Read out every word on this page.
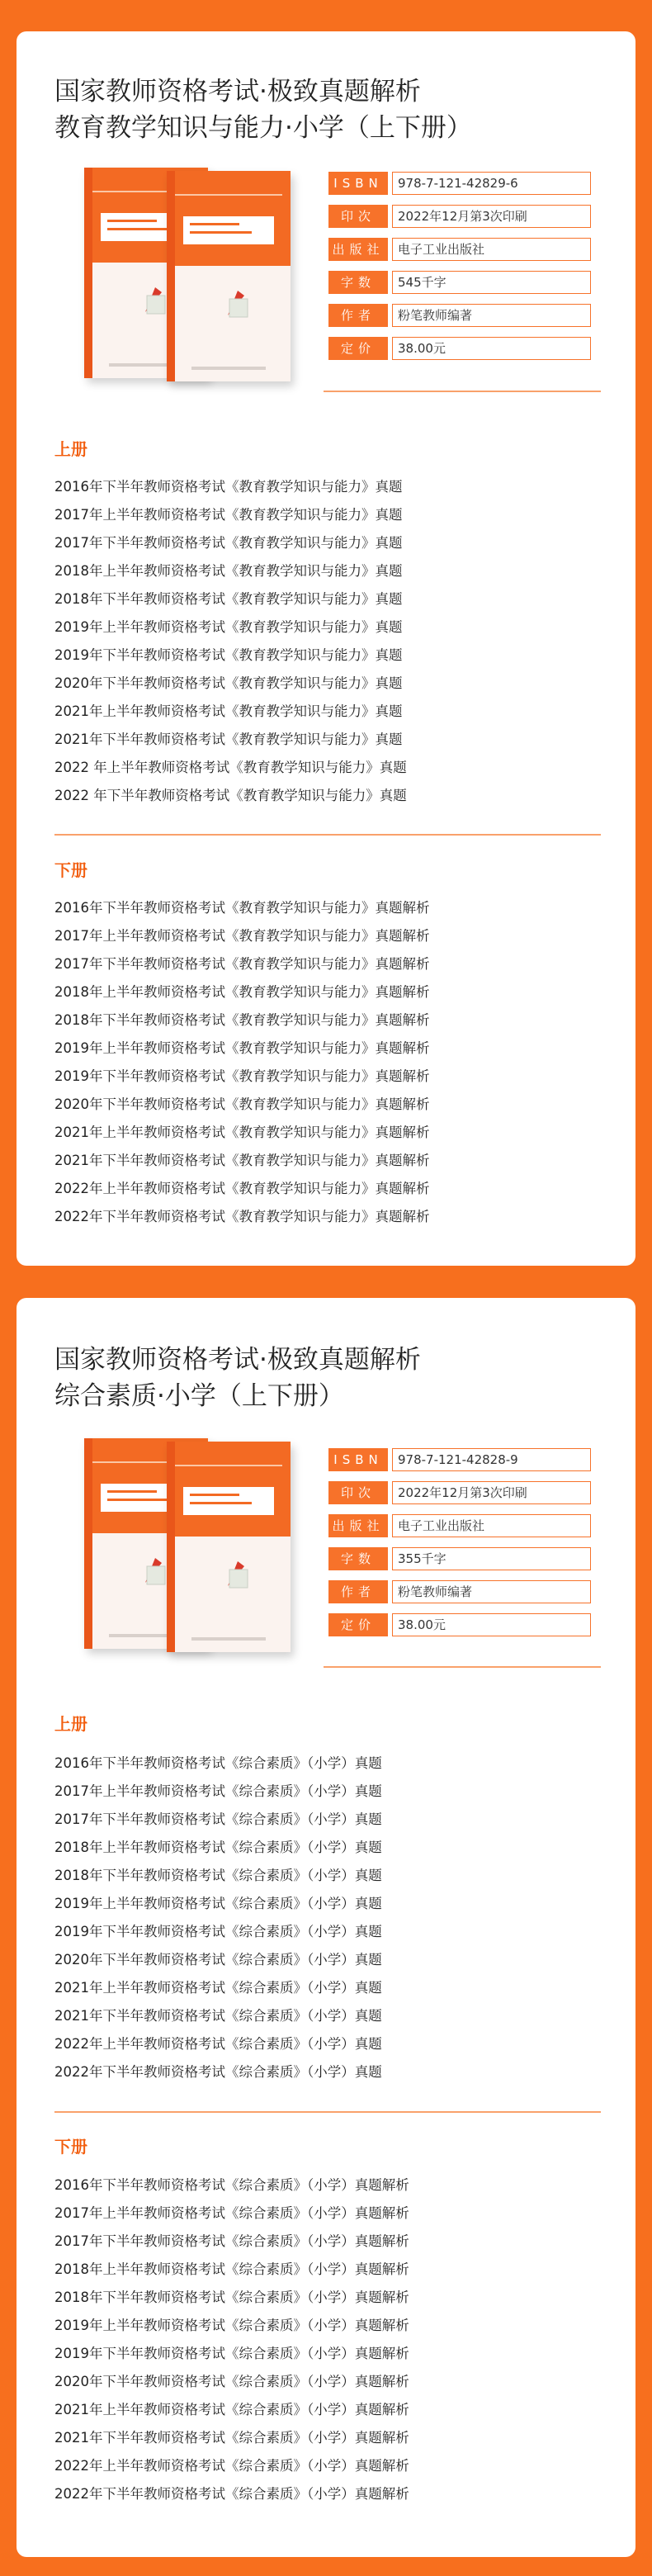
国家教师资格考试·极致真题解析
教育教学知识与能力·小学（上下册）
ISBN	978-7-121-42829-6
印次	2022年12月第3次印刷
出版社	电子工业出版社
字数	545千字
作者	粉笔教师编著
定价	38.00元
上册
2016年下半年教师资格考试《教育教学知识与能力》真题
2017年上半年教师资格考试《教育教学知识与能力》真题
2017年下半年教师资格考试《教育教学知识与能力》真题
2018年上半年教师资格考试《教育教学知识与能力》真题
2018年下半年教师资格考试《教育教学知识与能力》真题
2019年上半年教师资格考试《教育教学知识与能力》真题
2019年下半年教师资格考试《教育教学知识与能力》真题
2020年下半年教师资格考试《教育教学知识与能力》真题
2021年上半年教师资格考试《教育教学知识与能力》真题
2021年下半年教师资格考试《教育教学知识与能力》真题
2022 年上半年教师资格考试《教育教学知识与能力》真题
2022 年下半年教师资格考试《教育教学知识与能力》真题
下册
2016年下半年教师资格考试《教育教学知识与能力》真题解析
2017年上半年教师资格考试《教育教学知识与能力》真题解析
2017年下半年教师资格考试《教育教学知识与能力》真题解析
2018年上半年教师资格考试《教育教学知识与能力》真题解析
2018年下半年教师资格考试《教育教学知识与能力》真题解析
2019年上半年教师资格考试《教育教学知识与能力》真题解析
2019年下半年教师资格考试《教育教学知识与能力》真题解析
2020年下半年教师资格考试《教育教学知识与能力》真题解析
2021年上半年教师资格考试《教育教学知识与能力》真题解析
2021年下半年教师资格考试《教育教学知识与能力》真题解析
2022年上半年教师资格考试《教育教学知识与能力》真题解析
2022年下半年教师资格考试《教育教学知识与能力》真题解析
国家教师资格考试·极致真题解析
综合素质·小学（上下册）
ISBN	978-7-121-42828-9
印次	2022年12月第3次印刷
出版社	电子工业出版社
字数	355千字
作者	粉笔教师编著
定价	38.00元
上册
2016年下半年教师资格考试《综合素质》（小学）真题
2017年上半年教师资格考试《综合素质》（小学）真题
2017年下半年教师资格考试《综合素质》（小学）真题
2018年上半年教师资格考试《综合素质》（小学）真题
2018年下半年教师资格考试《综合素质》（小学）真题
2019年上半年教师资格考试《综合素质》（小学）真题
2019年下半年教师资格考试《综合素质》（小学）真题
2020年下半年教师资格考试《综合素质》（小学）真题
2021年上半年教师资格考试《综合素质》（小学）真题
2021年下半年教师资格考试《综合素质》（小学）真题
2022年上半年教师资格考试《综合素质》（小学）真题
2022年下半年教师资格考试《综合素质》（小学）真题
下册
2016年下半年教师资格考试《综合素质》（小学）真题解析
2017年上半年教师资格考试《综合素质》（小学）真题解析
2017年下半年教师资格考试《综合素质》（小学）真题解析
2018年上半年教师资格考试《综合素质》（小学）真题解析
2018年下半年教师资格考试《综合素质》（小学）真题解析
2019年上半年教师资格考试《综合素质》（小学）真题解析
2019年下半年教师资格考试《综合素质》（小学）真题解析
2020年下半年教师资格考试《综合素质》（小学）真题解析
2021年上半年教师资格考试《综合素质》（小学）真题解析
2021年下半年教师资格考试《综合素质》（小学）真题解析
2022年上半年教师资格考试《综合素质》（小学）真题解析
2022年下半年教师资格考试《综合素质》（小学）真题解析
